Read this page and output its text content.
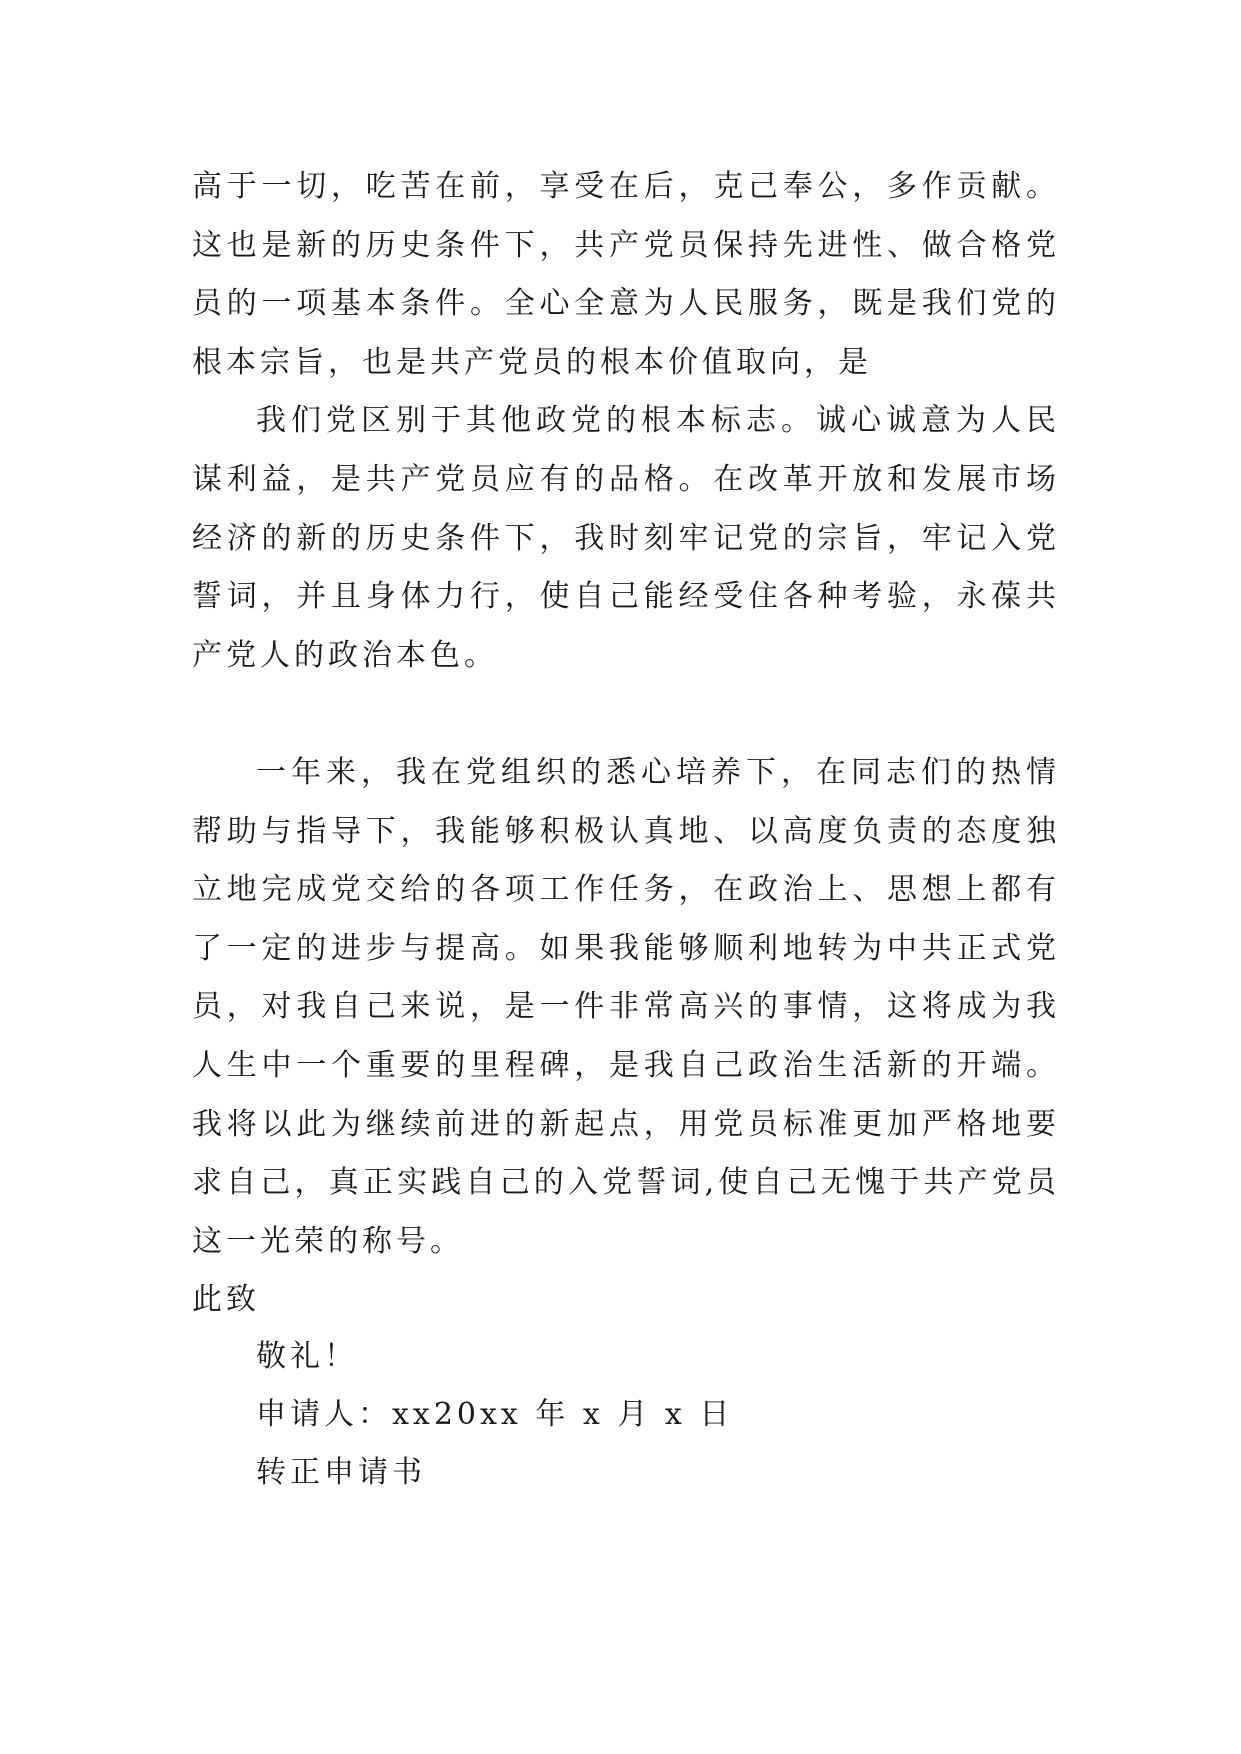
高于一切，吃苦在前，享受在后，克己奉公，多作贡献。这也是新的历史条件下，共产党员保持先进性、做合格党员的一项基本条件。全心全意为人民服务，既是我们党的根本宗旨，也是共产党员的根本价值取向，是

我们党区别于其他政党的根本标志。诚心诚意为人民谋利益，是共产党员应有的品格。在改革开放和发展市场经济的新的历史条件下，我时刻牢记党的宗旨，牢记入党誓词，并且身体力行，使自己能经受住各种考验，永葆共产党人的政治本色。

一年来，我在党组织的悉心培养下，在同志们的热情帮助与指导下，我能够积极认真地、以高度负责的态度独立地完成党交给的各项工作任务，在政治上、思想上都有了一定的进步与提高。如果我能够顺利地转为中共正式党员，对我自己来说，是一件非常高兴的事情，这将成为我人生中一个重要的里程碑，是我自己政治生活新的开端。我将以此为继续前进的新起点，用党员标准更加严格地要求自己，真正实践自己的入党誓词,使自己无愧于共产党员这一光荣的称号。

此致

敬礼！

申请人：xx20xx 年 x 月 x 日

转正申请书
